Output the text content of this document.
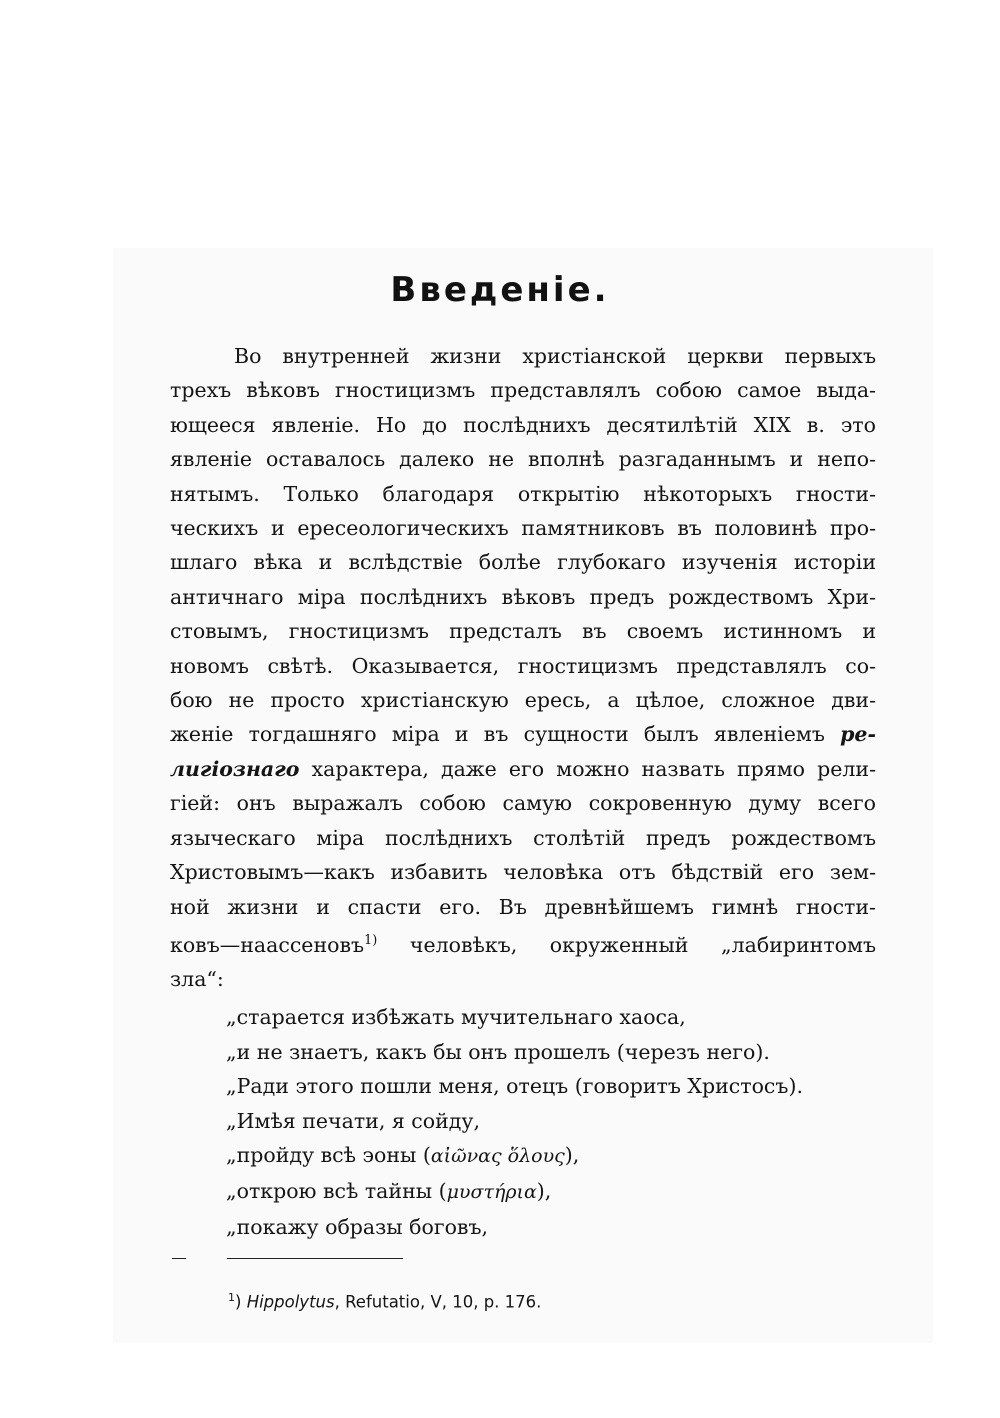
Введеніе.
Во внутренней жизни христіанской церкви первыхъ
трехъ вѣковъ гностицизмъ представлялъ собою самое выда-
ющееся явленіе. Но до послѣднихъ десятилѣтій XIX в. это
явленіе оставалось далеко не вполнѣ разгаданнымъ и непо-
нятымъ. Только благодаря открытію нѣкоторыхъ гности-
ческихъ и ересеологическихъ памятниковъ въ половинѣ про-
шлаго вѣка и вслѣдствіе болѣе глубокаго изученія исторіи
античнаго міра послѣднихъ вѣковъ предъ рождествомъ Хри-
стовымъ, гностицизмъ предсталъ въ своемъ истинномъ и
новомъ свѣтѣ. Оказывается, гностицизмъ представлялъ со-
бою не просто христіанскую ересь, а цѣлое, сложное дви-
женіе тогдашняго міра и въ сущности былъ явленіемъ ре-
лигіознаго характера, даже его можно назвать прямо рели-
гіей: онъ выражалъ собою самую сокровенную думу всего
языческаго міра послѣднихъ столѣтій предъ рождествомъ
Христовымъ—какъ избавить человѣка отъ бѣдствій его зем-
ной жизни и спасти его. Въ древнѣйшемъ гимнѣ гности-
ковъ—наассеновъ$^{1)}$ человѣкъ, окруженный „лабиринтомъ
зла“:
„старается избѣжать мучительнаго хаоса,
„и не знаетъ, какъ бы онъ прошелъ (черезъ него).
„Ради этого пошли меня, отецъ (говоритъ Христосъ).
„Имѣя печати, я сойду,
„пройду всѣ эоны (αἰῶνας ὅλους),
„открою всѣ тайны (μυστήρια),
„покажу образы боговъ,
$^1$) Hippolytus, Refutatio, V, 10, p. 176.
